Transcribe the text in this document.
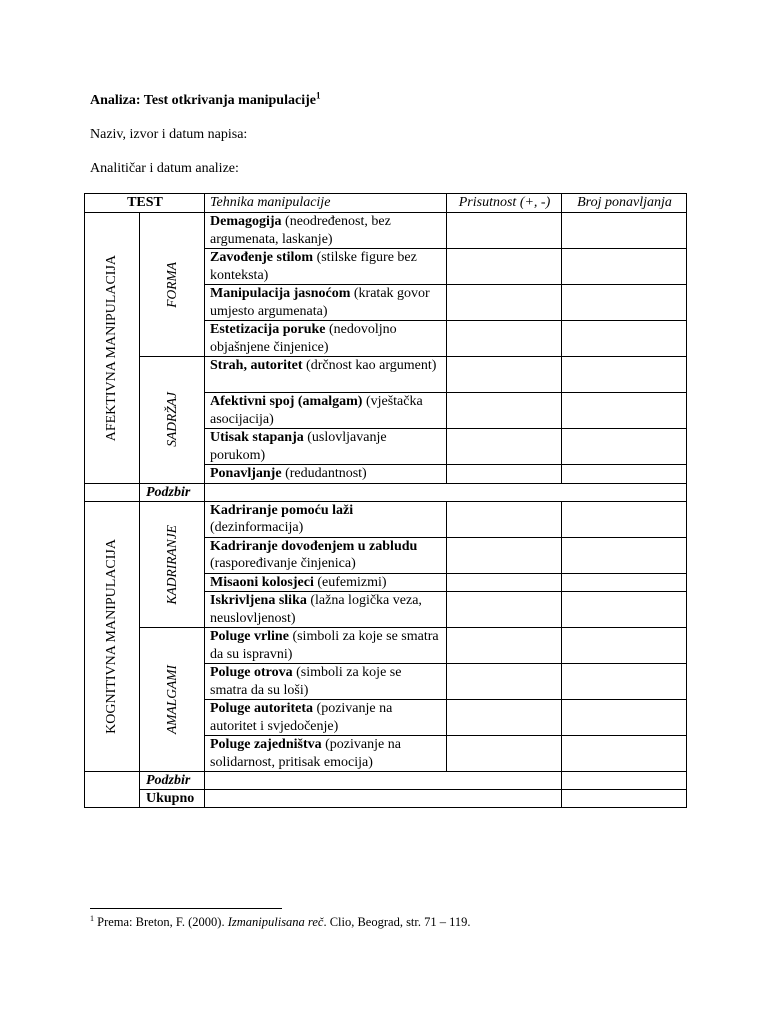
Analiza: Test otkrivanja manipulacije$^1$
Naziv, izvor i datum napisa:
Analitičar i datum analize:
TEST		Tehnika manipulacije	Prisutnost (+, -)	Broj ponavljanja

AFEKTIVNA MANIPULACIJA	FORMA	Demagogija (neodređenost, bez argumenata, laskanje)		
		Zavođenje stilom (stilske figure bez konteksta)		
		Manipulacija jasnoćom (kratak govor umjesto argumenata)		
		Estetizacija poruke (nedovoljno objašnjene činjenice)		

	SADRŽAJ	Strah, autoritet (drčnost kao argument)		
		Afektivni spoj (amalgam) (vještačka asocijacija)		
		Utisak stapanja (uslovljavanje porukom)		
		Ponavljanje (redudantnost)		
	Podzbir			

KOGNITIVNA MANIPULACIJA	KADRIRANJE	Kadriranje pomoću laži (dezinformacija)		
		Kadriranje dovođenjem u zabludu (raspoređivanje činjenica)		
		Misaoni kolosjeci (eufemizmi)		
		Iskrivljena slika (lažna logička veza, neuslovljenost)		

	AMALGAMI	Poluge vrline (simboli za koje se smatra da su ispravni)		
		Poluge otrova (simboli za koje se smatra da su loši)		
		Poluge autoriteta (pozivanje na autoritet i svjedočenje)		
		Poluge zajedništva (pozivanje na solidarnost, pritisak emocija)		
	Podzbir			
	Ukupno			
$^1$ Prema: Breton, F. (2000). Izmanipulisana reč. Clio, Beograd, str. 71 – 119.
